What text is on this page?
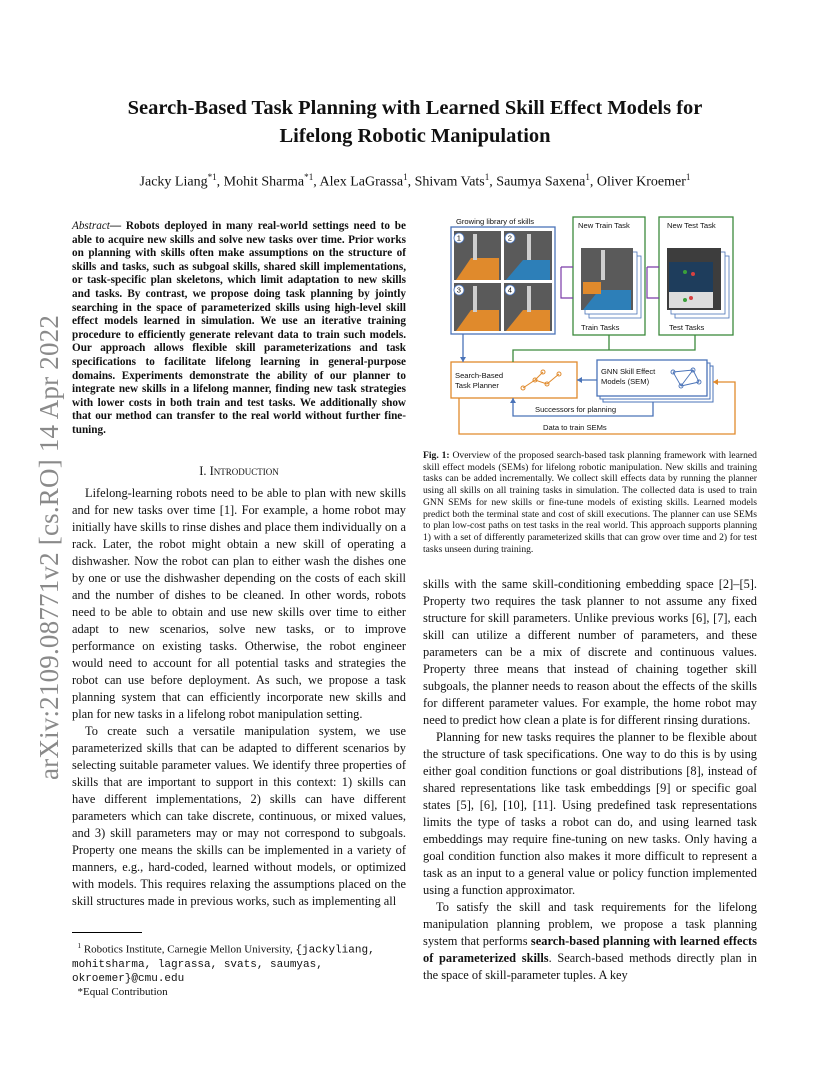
arXiv:2109.08771v2 [cs.RO] 14 Apr 2022
Search-Based Task Planning with Learned Skill Effect Models for
Lifelong Robotic Manipulation
Jacky Liang$^{*1}$, Mohit Sharma$^{*1}$, Alex LaGrassa$^1$, Shivam Vats$^1$, Saumya Saxena$^1$, Oliver Kroemer$^1$
Abstract— Robots deployed in many real-world settings need to be able to acquire new skills and solve new tasks over time. Prior works on planning with skills often make assumptions on the structure of skills and tasks, such as subgoal skills, shared skill implementations, or task-specific plan skeletons, which limit adaptation to new skills and tasks. By contrast, we propose doing task planning by jointly searching in the space of parameterized skills using high-level skill effect models learned in simulation. We use an iterative training procedure to efficiently generate relevant data to train such models. Our approach allows flexible skill parameterizations and task specifications to facilitate lifelong learning in general-purpose domains. Experiments demonstrate the ability of our planner to integrate new skills in a lifelong manner, finding new task strategies with lower costs in both train and test tasks. We additionally show that our method can transfer to the real world without further fine-tuning.
I. Introduction

Lifelong-learning robots need to be able to plan with new skills and for new tasks over time [1]. For example, a home robot may initially have skills to rinse dishes and place them individually on a rack. Later, the robot might obtain a new skill of operating a dishwasher. Now the robot can plan to either wash the dishes one by one or use the dishwasher depending on the costs of each skill and the number of dishes to be cleaned. In other words, robots need to be able to obtain and use new skills over time to either adapt to new scenarios, solve new tasks, or to improve performance on existing tasks. Otherwise, the robot engineer would need to account for all potential tasks and strategies the robot can use before deployment. As such, we propose a task planning system that can efficiently incorporate new skills and plan for new tasks in a lifelong robot manipulation setting.

To create such a versatile manipulation system, we use parameterized skills that can be adapted to different scenarios by selecting suitable parameter values. We identify three properties of skills that are important to support in this context: 1) skills can have different implementations, 2) skills can have different parameters which can take discrete, continuous, or mixed values, and 3) skill parameters may or may not correspond to subgoals. Property one means the skills can be implemented in a variety of manners, e.g., hard-coded, learned without models, or optimized with models. This requires relaxing the assumptions placed on the skill structures made in previous works, such as implementing all

$^1$ Robotics Institute, Carnegie Mellon University, {jackyliang, mohitsharma, lagrassa, svats, saumyas, okroemer}@cmu.edu
*Equal Contribution
Growing library of skills
1	2
3	4
New Train Task
Train Tasks
New Test Task
Test Tasks
Search-Based
Task Planner
GNN Skill Effect
Models (SEM)
Successors for planning
Data to train SEMs
Fig. 1: Overview of the proposed search-based task planning framework with learned skill effect models (SEMs) for lifelong robotic manipulation. New skills and training tasks can be added incrementally. We collect skill effects data by running the planner using all skills on all training tasks in simulation. The collected data is used to train GNN SEMs for new skills or fine-tune models of existing skills. Learned models predict both the terminal state and cost of skill executions. The planner can use SEMs to plan low-cost paths on test tasks in the real world. This approach supports planning 1) with a set of differently parameterized skills that can grow over time and 2) for test tasks unseen during training.

skills with the same skill-conditioning embedding space [2]–[5]. Property two requires the task planner to not assume any fixed structure for skill parameters. Unlike previous works [6], [7], each skill can utilize a different number of parameters, and these parameters can be a mix of discrete and continuous values. Property three means that instead of chaining together skill subgoals, the planner needs to reason about the effects of the skills for different parameter values. For example, the home robot may need to predict how clean a plate is for different rinsing durations.

Planning for new tasks requires the planner to be flexible about the structure of task specifications. One way to do this is by using either goal condition functions or goal distributions [8], instead of shared representations like task embeddings [9] or specific goal states [5], [6], [10], [11]. Using predefined task representations limits the type of tasks a robot can do, and using learned task embeddings may require fine-tuning on new tasks. Only having a goal condition function also makes it more difficult to represent a task as an input to a general value or policy function implemented using a function approximator.

To satisfy the skill and task requirements for the lifelong manipulation planning problem, we propose a task planning system that performs search-based planning with learned effects of parameterized skills. Search-based methods directly plan in the space of skill-parameter tuples. A key
